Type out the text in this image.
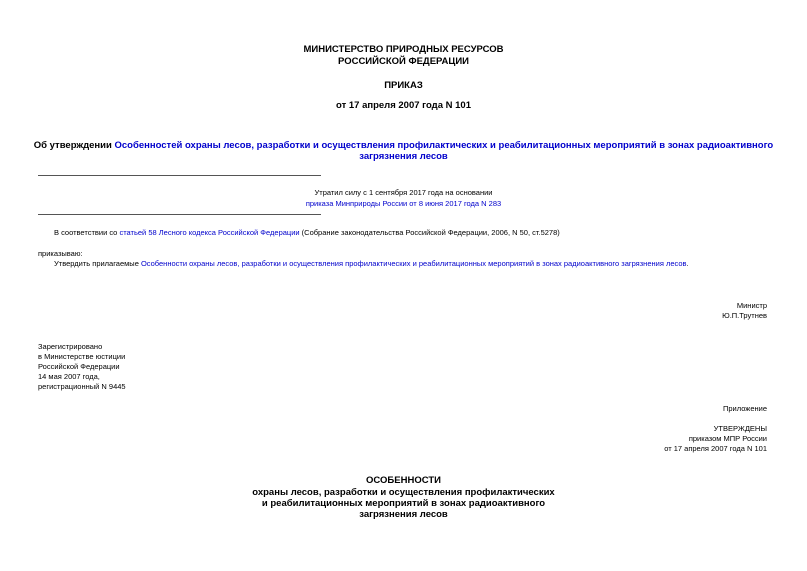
МИНИСТЕРСТВО ПРИРОДНЫХ РЕСУРСОВ
РОССИЙСКОЙ ФЕДЕРАЦИИ
ПРИКАЗ
от 17 апреля 2007 года N 101
Об утверждении Особенностей охраны лесов, разработки и осуществления профилактических и реабилитационных мероприятий в зонах радиоактивного
загрязнения лесов
Утратил силу с 1 сентября 2017 года на основании
приказа Минприроды России от 8 июня 2017 года N 283
В соответствии со статьей 58 Лесного кодекса Российской Федерации (Собрание законодательства Российской Федерации, 2006, N 50, ст.5278)
приказываю:
Утвердить прилагаемые Особенности охраны лесов, разработки и осуществления профилактических и реабилитационных мероприятий в зонах радиоактивного загрязнения лесов.
Министр
Ю.П.Трутнев
Зарегистрировано
в Министерстве юстиции
Российской Федерации
14 мая 2007 года,
регистрационный N 9445
Приложение
УТВЕРЖДЕНЫ
приказом МПР России
от 17 апреля 2007 года N 101
ОСОБЕННОСТИ
охраны лесов, разработки и осуществления профилактических
и реабилитационных мероприятий в зонах радиоактивного
загрязнения лесов
